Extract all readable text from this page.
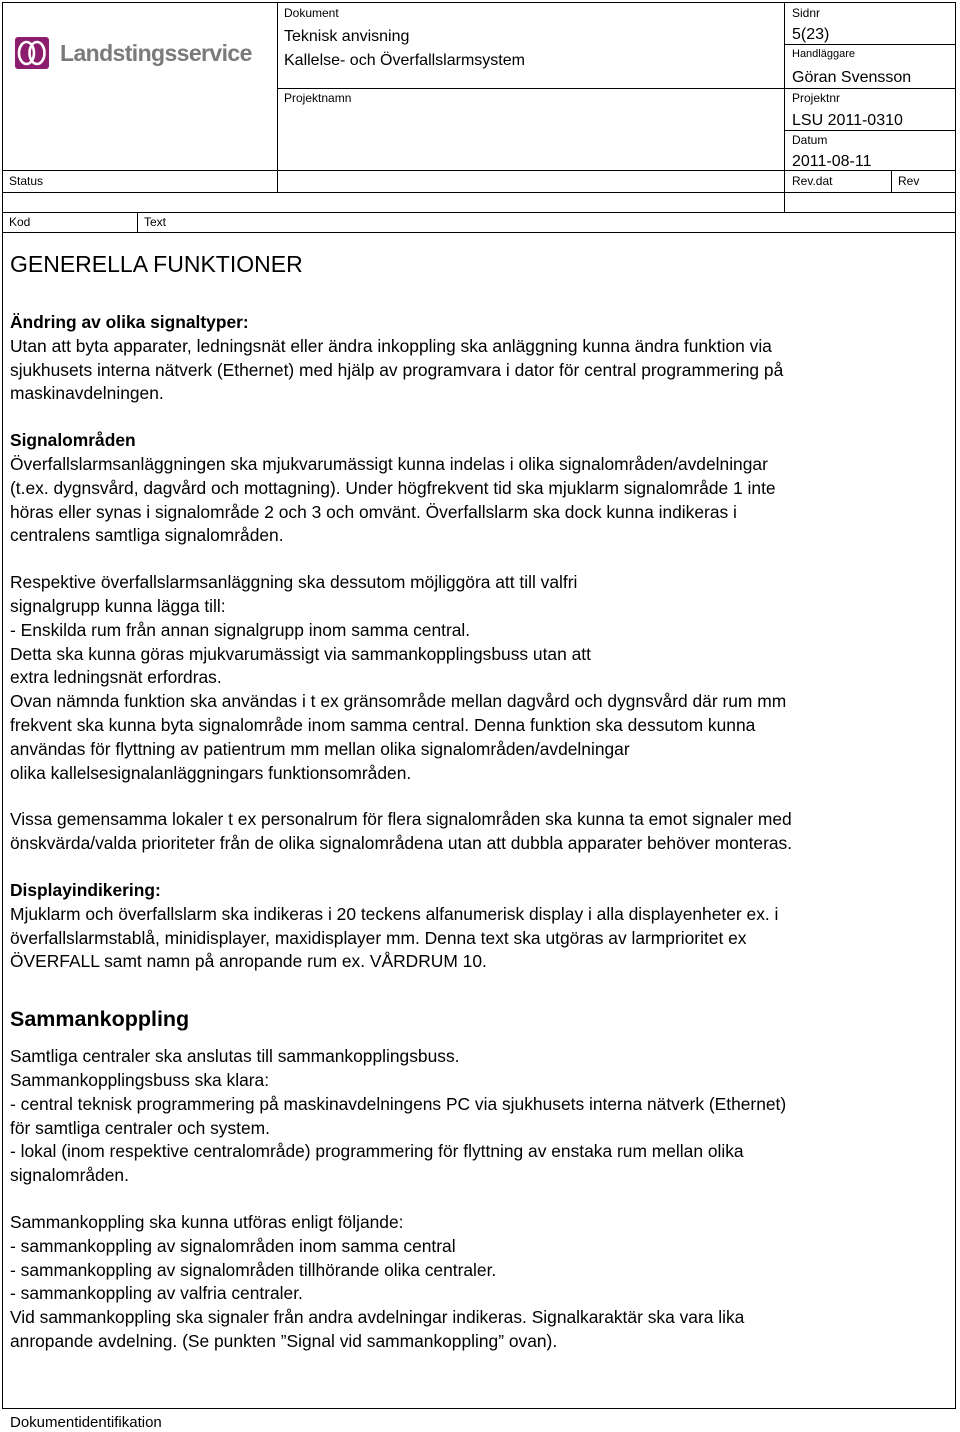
Landstingsservice
Dokument
Teknisk anvisning
Kallelse- och Överfallslarmsystem
Projektnamn
Status
Sidnr
5(23)
Handläggare
Göran Svensson
Projektnr
LSU 2011-0310
Datum
2011-08-11
Rev.dat	Rev
Kod	Text

GENERELLA FUNKTIONER

Ändring av olika signaltyper:

Utan att byta apparater, ledningsnät eller ändra inkoppling ska anläggning kunna ändra funktion via

sjukhusets interna nätverk (Ethernet) med hjälp av programvara i dator för central programmering på

maskinavdelningen.

Signalområden

Överfallslarmsanläggningen ska mjukvarumässigt kunna indelas i olika signalområden/avdelningar

(t.ex. dygnsvård, dagvård och mottagning). Under högfrekvent tid ska mjuklarm signalområde 1 inte

höras eller synas i signalområde 2 och 3 och omvänt. Överfallslarm ska dock kunna indikeras i

centralens samtliga signalområden.

Respektive överfallslarmsanläggning ska dessutom möjliggöra att till valfri

signalgrupp kunna lägga till:

- Enskilda rum från annan signalgrupp inom samma central.

Detta ska kunna göras mjukvarumässigt via sammankopplingsbuss utan att

extra ledningsnät erfordras.

Ovan nämnda funktion ska användas i t ex gränsområde mellan dagvård och dygnsvård där rum mm

frekvent ska kunna byta signalområde inom samma central. Denna funktion ska dessutom kunna

användas för flyttning av patientrum mm mellan olika signalområden/avdelningar

olika kallelsesignalanläggningars funktionsområden.

Vissa gemensamma lokaler t ex personalrum för flera signalområden ska kunna ta emot signaler med

önskvärda/valda prioriteter från de olika signalområdena utan att dubbla apparater behöver monteras.

Displayindikering:

Mjuklarm och överfallslarm ska indikeras i 20 teckens alfanumerisk display i alla displayenheter ex. i

överfallslarmstablå, minidisplayer, maxidisplayer mm. Denna text ska utgöras av larmprioritet ex

ÖVERFALL samt namn på anropande rum ex. VÅRDRUM 10.

Sammankoppling

Samtliga centraler ska anslutas till sammankopplingsbuss.

Sammankopplingsbuss ska klara:

- central teknisk programmering på maskinavdelningens PC via sjukhusets interna nätverk (Ethernet)

för samtliga centraler och system.

- lokal (inom respektive centralområde) programmering för flyttning av enstaka rum mellan olika

signalområden.

Sammankoppling ska kunna utföras enligt följande:

- sammankoppling av signalområden inom samma central

- sammankoppling av signalområden tillhörande olika centraler.

- sammankoppling av valfria centraler.

Vid sammankoppling ska signaler från andra avdelningar indikeras. Signalkaraktär ska vara lika

anropande avdelning. (Se punkten ”Signal vid sammankoppling” ovan).

Dokumentidentifikation
